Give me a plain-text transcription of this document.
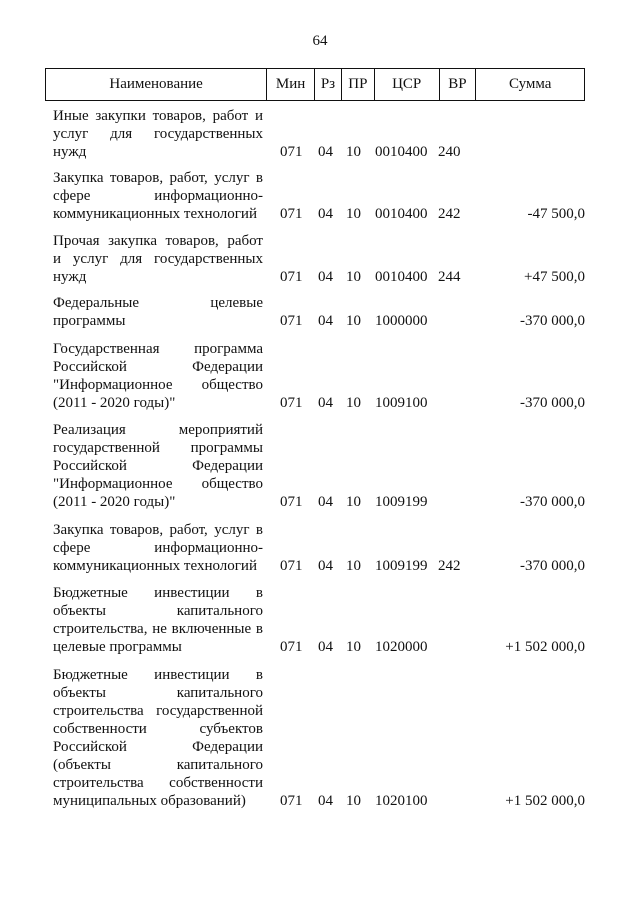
64
Наименование	Мин	Рз ПР	ЦСР	ВР	Сумма
Иные закупки товаров, работ и
услуг для государственных
нужд	071 04 10 0010400 240
Закупка товаров, работ, услуг в
сфере информационно-
коммуникационных технологий	071 04 10 0010400 242	-47 500,0
Прочая закупка товаров, работ
и услуг для государственных
нужд	071 04 10 0010400 244	+47 500,0
Федеральные целевые
программы	071 04 10 1000000	-370 000,0
Государственная программа
Российской Федерации
"Информационное общество
(2011 - 2020 годы)"	071 04 10 1009100	-370 000,0
Реализация мероприятий
государственной программы
Российской Федерации
"Информационное общество
(2011 - 2020 годы)"	071 04 10 1009199	-370 000,0
Закупка товаров, работ, услуг в
сфере информационно-
коммуникационных технологий	071 04 10 1009199 242	-370 000,0
Бюджетные инвестиции в
объекты капитального
строительства, не включенные в
целевые программы	071 04 10 1020000	+1 502 000,0
Бюджетные инвестиции в
объекты капитального
строительства государственной
собственности субъектов
Российской Федерации
(объекты капитального
строительства собственности
муниципальных образований)	071 04 10 1020100	+1 502 000,0
